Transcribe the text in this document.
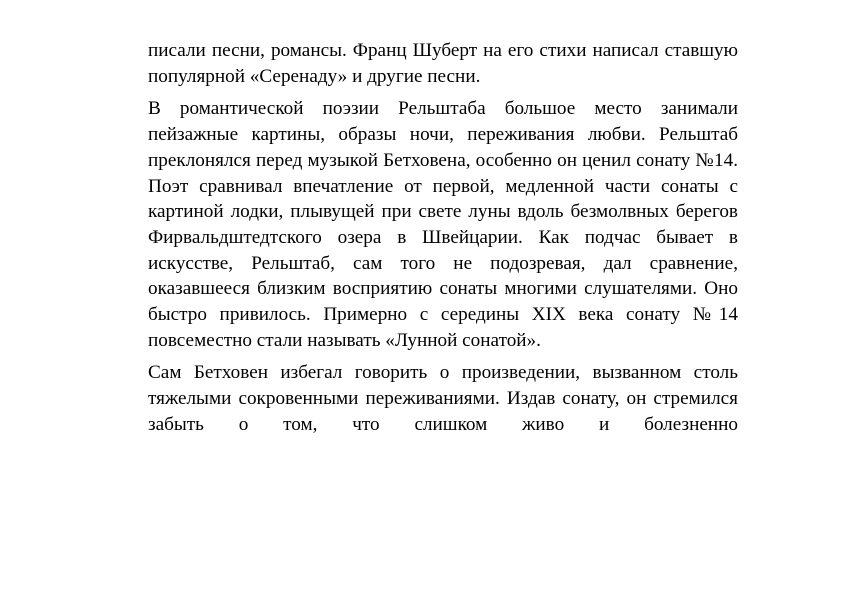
писали песни, романсы. Франц Шуберт на его стихи написал ставшую популярной «Серенаду» и другие песни.

В романтической поэзии Рельштаба большое место занимали пейзажные картины, образы ночи, переживания любви. Рельштаб преклонялся перед музыкой Бетховена, особенно он ценил сонату №14. Поэт сравнивал впечатление от первой, медленной части сонаты с картиной лодки, плывущей при свете луны вдоль безмолвных берегов Фирвальдштедтского озера в Швейцарии. Как подчас бывает в искусстве, Рельштаб, сам того не подозревая, дал сравнение, оказавшееся близким восприятию сонаты многими слушателями. Оно быстро привилось. Примерно с середины XIX века сонату №14 повсеместно стали называть «Лунной сонатой».

Сам Бетховен избегал говорить о произведении, вызванном столь тяжелыми сокровенными переживаниями. Издав сонату, он стремился забыть о том, что слишком живо и болезненно
